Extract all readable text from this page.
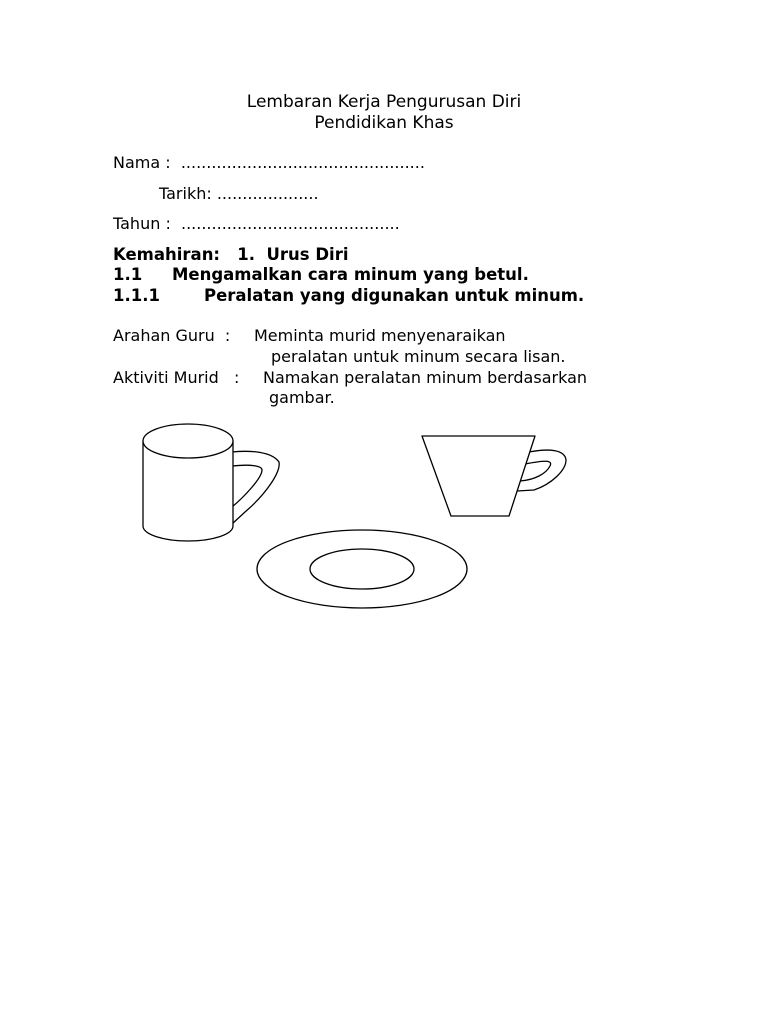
Lembaran Kerja Pengurusan Diri
Pendidikan Khas
Nama :  ................................................
Tarikh: ....................
Tahun :  ...........................................
Kemahiran:   1.  Urus Diri
1.1 Mengamalkan cara minum yang betul.
1.1.1	Peralatan yang digunakan untuk minum.
Arahan Guru  : Meminta murid menyenaraikan
peralatan untuk minum secara lisan.
Aktiviti Murid   : Namakan peralatan minum berdasarkan
gambar.
